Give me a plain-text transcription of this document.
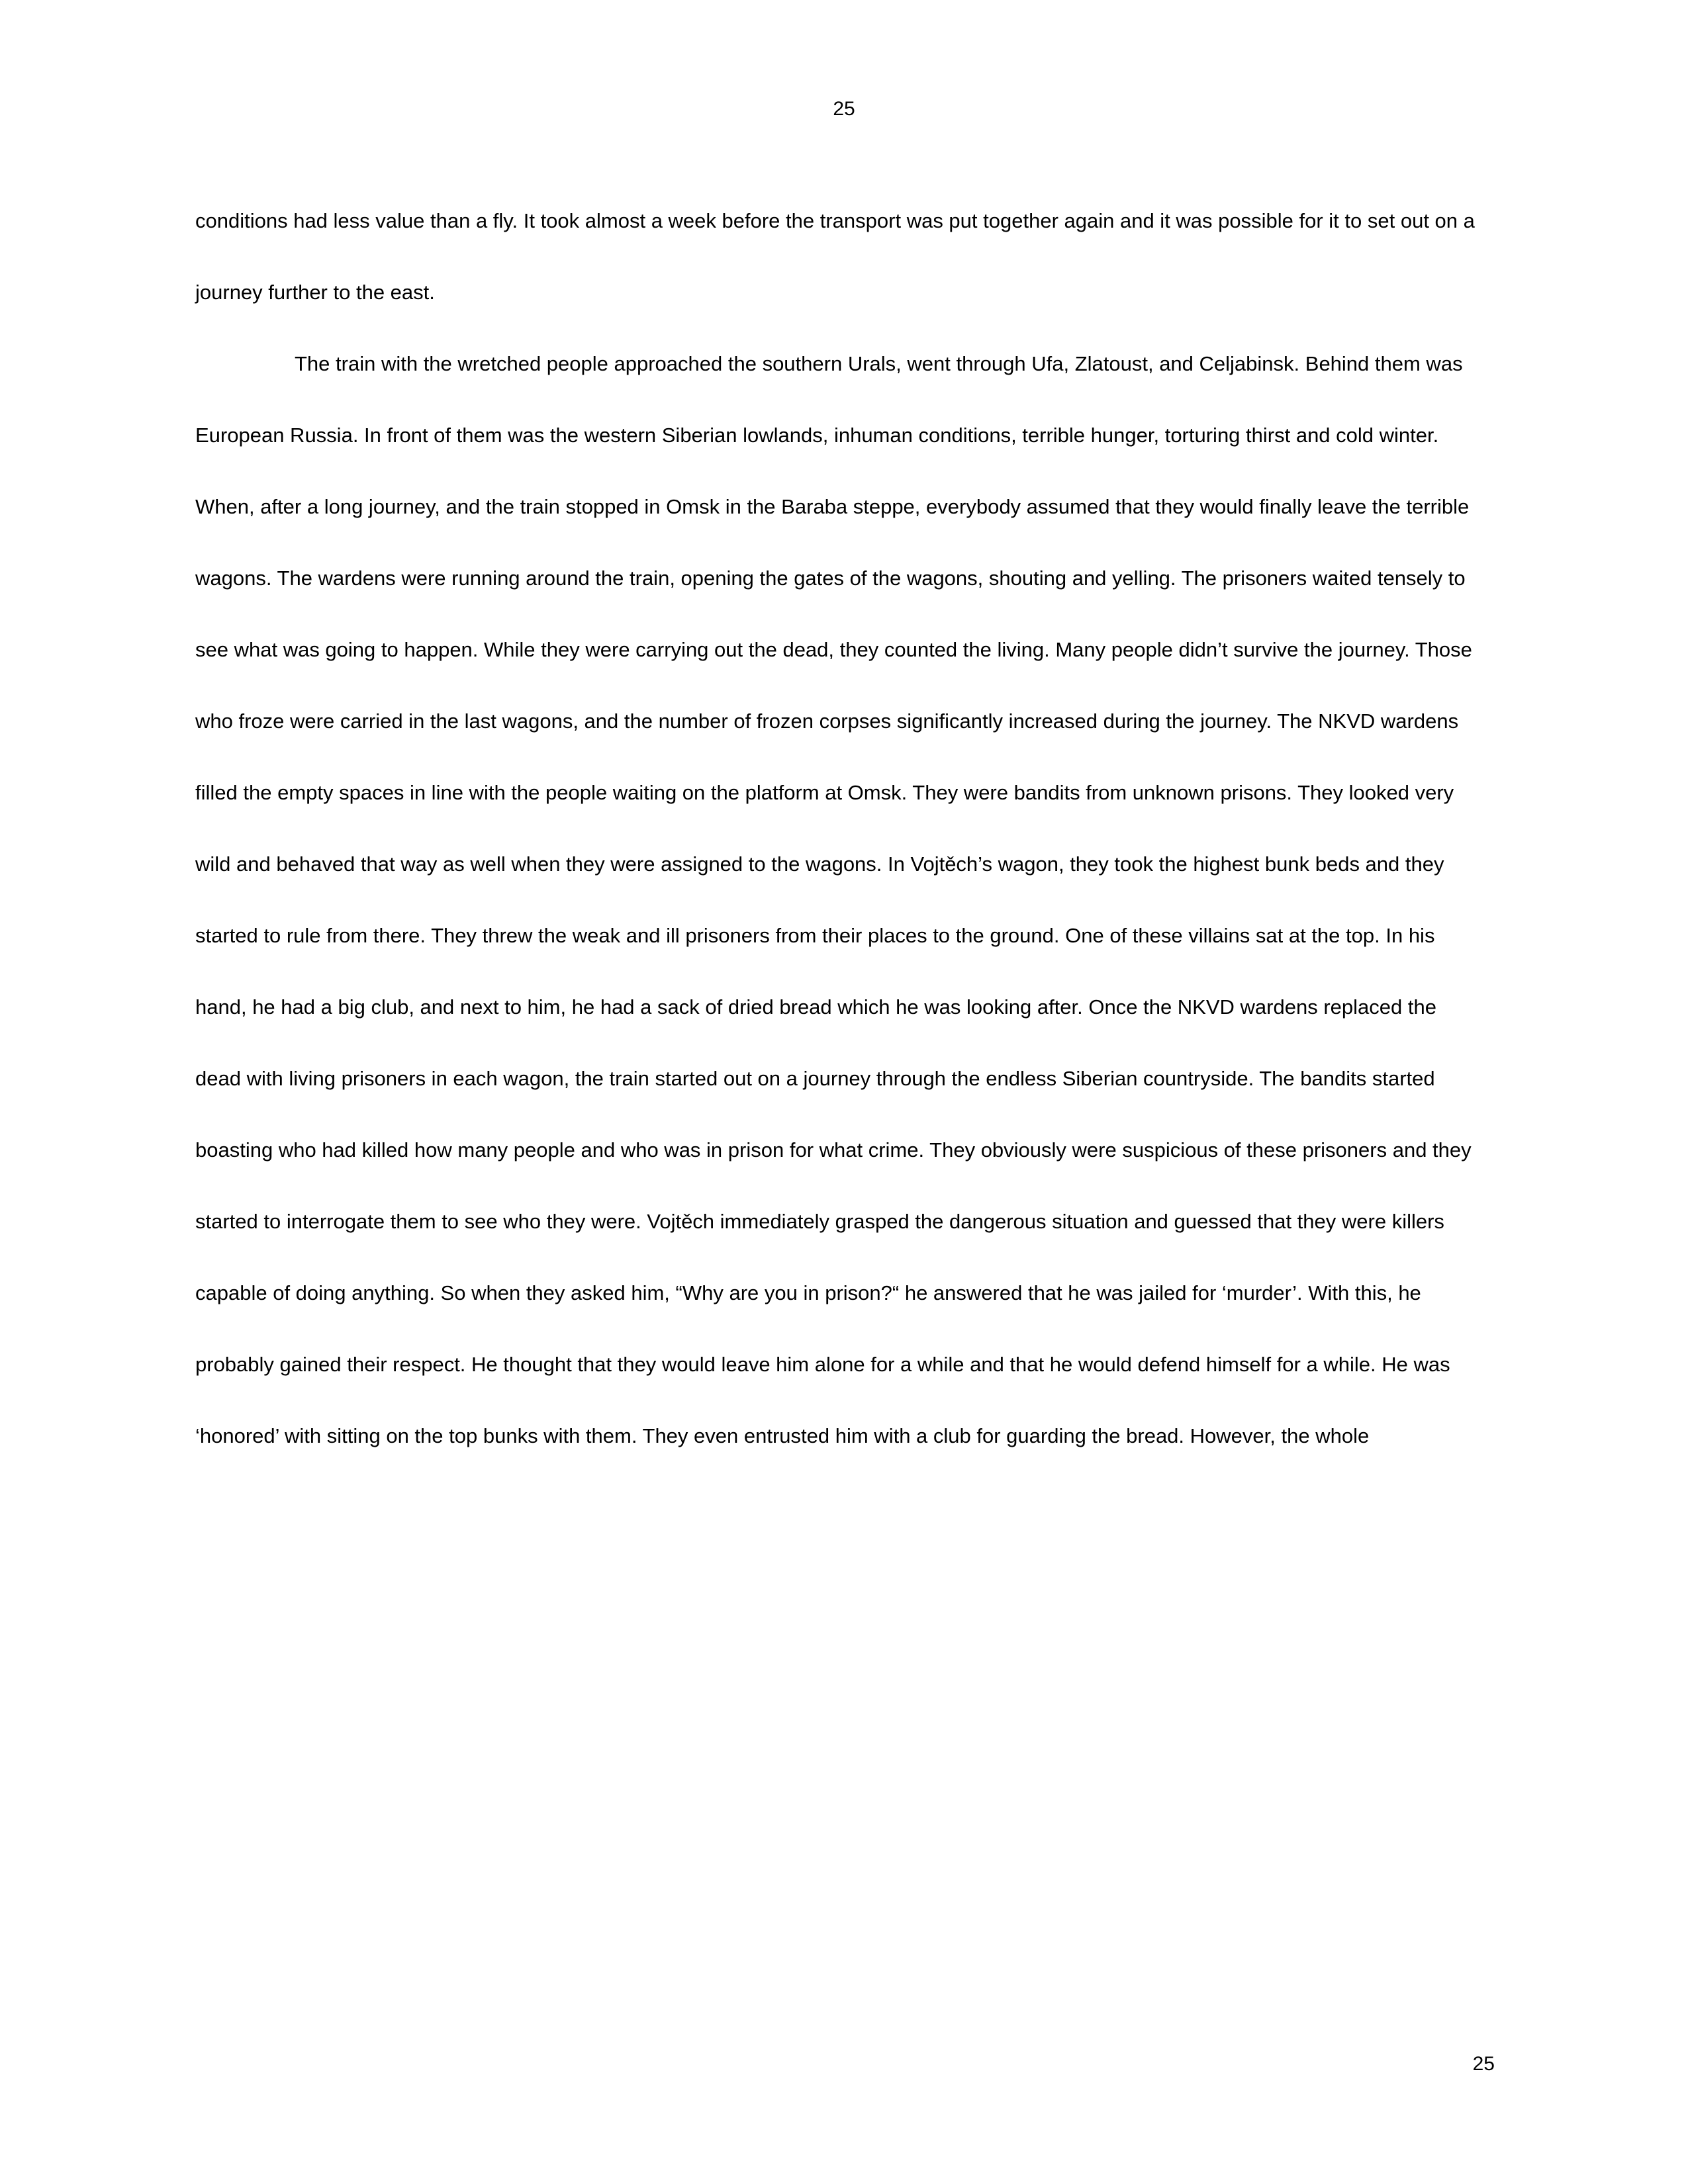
25

conditions had less value than a fly. It took almost a week before the transport was put together again and it was possible for it to set out on a journey further to the east.

The train with the wretched people approached the southern Urals, went through Ufa, Zlatoust, and Celjabinsk. Behind them was European Russia. In front of them was the western Siberian lowlands, inhuman conditions, terrible hunger, torturing thirst and cold winter. When, after a long journey, and the train stopped in Omsk in the Baraba steppe, everybody assumed that they would finally leave the terrible wagons. The wardens were running around the train, opening the gates of the wagons, shouting and yelling. The prisoners waited tensely to see what was going to happen. While they were carrying out the dead, they counted the living. Many people didn’t survive the journey. Those who froze were carried in the last wagons, and the number of frozen corpses significantly increased during the journey. The NKVD wardens filled the empty spaces in line with the people waiting on the platform at Omsk. They were bandits from unknown prisons. They looked very wild and behaved that way as well when they were assigned to the wagons. In Vojtěch’s wagon, they took the highest bunk beds and they started to rule from there. They threw the weak and ill prisoners from their places to the ground. One of these villains sat at the top. In his hand, he had a big club, and next to him, he had a sack of dried bread which he was looking after. Once the NKVD wardens replaced the dead with living prisoners in each wagon, the train started out on a journey through the endless Siberian countryside. The bandits started boasting who had killed how many people and who was in prison for what crime. They obviously were suspicious of these prisoners and they started to interrogate them to see who they were. Vojtěch immediately grasped the dangerous situation and guessed that they were killers capable of doing anything. So when they asked him, “Why are you in prison?“ he answered that he was jailed for ‘murder’. With this, he probably gained their respect. He thought that they would leave him alone for a while and that he would defend himself for a while. He was ‘honored’ with sitting on the top bunks with them. They even entrusted him with a club for guarding the bread. However, the whole

25
